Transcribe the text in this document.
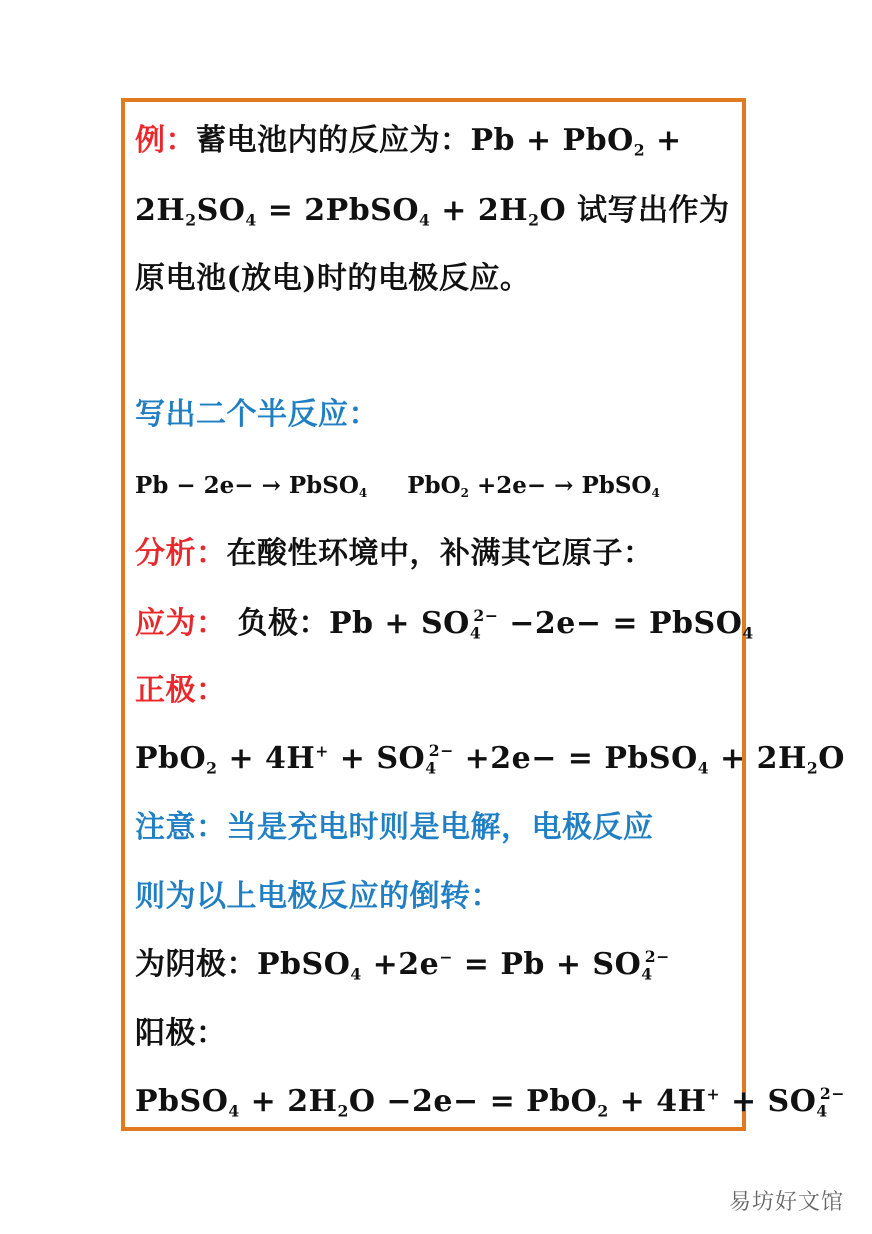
例：蓄电池内的反应为：Pb + PbO$_2$ +
$2H_2SO_4$ = 2PbSO$_4$ + $2H_2O$ 试写出作为
原电池(放电)时的电极反应。
写出二个半反应：
Pb − 2e− → PbSO$_4$ PbO$_2$ +2e− → PbSO$_4$
分析：在酸性环境中，补满其它原子：
应为： 负极：$Pb + SO_4^{2-} -2e-$ = PbSO$_4$
正极：
$PbO_2 + 4H^+ + SO_4^{2-} +2e-$ = PbSO$_4$ + $2H_2O$
注意：当是充电时则是电解，电极反应
则为以上电极反应的倒转：
为阴极：PbSO$_4$ $+2e^- = Pb + SO_4^{2-}$
阳极：
PbSO$_4$ + $2H_2O -2e- = PbO_2 + 4H^+ + SO_4^{2-}$
易坊好文馆
